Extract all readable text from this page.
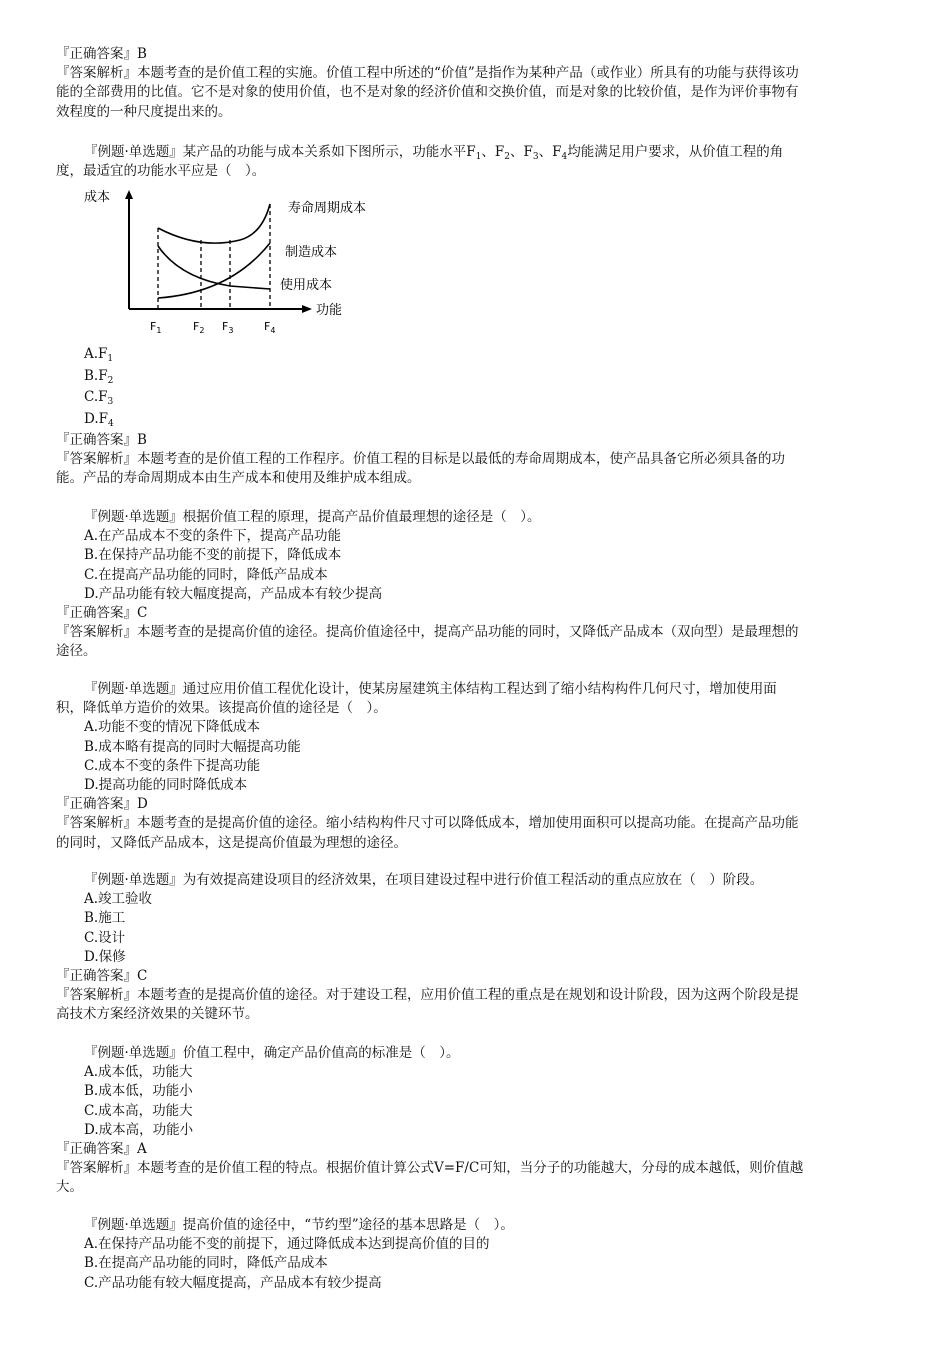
『正确答案』B
『答案解析』本题考查的是价值工程的实施。价值工程中所述的“价值”是指作为某种产品（或作业）所具有的功能与获得该功
能的全部费用的比值。它不是对象的使用价值，也不是对象的经济价值和交换价值，而是对象的比较价值，是作为评价事物有
效程度的一种尺度提出来的。
『例题·单选题』某产品的功能与成本关系如下图所示，功能水平$F_1$、$F_2$、$F_3$、$F_4$均能满足用户要求，从价值工程的角
度，最适宜的功能水平应是（　）。
成本
功能
寿命周期成本
制造成本
使用成本
$F_1$	$F_2$ $F_3$	$F_4$
$A.F_1$
$B.F_2$
$C.F_3$
$D.F_4$
『正确答案』B
『答案解析』本题考查的是价值工程的工作程序。价值工程的目标是以最低的寿命周期成本，使产品具备它所必须具备的功
能。产品的寿命周期成本由生产成本和使用及维护成本组成。
『例题·单选题』根据价值工程的原理，提高产品价值最理想的途径是（　）。
A.在产品成本不变的条件下，提高产品功能
B.在保持产品功能不变的前提下，降低成本
C.在提高产品功能的同时，降低产品成本
D.产品功能有较大幅度提高，产品成本有较少提高
『正确答案』C
『答案解析』本题考查的是提高价值的途径。提高价值途径中，提高产品功能的同时，又降低产品成本（双向型）是最理想的
途径。
『例题·单选题』通过应用价值工程优化设计，使某房屋建筑主体结构工程达到了缩小结构构件几何尺寸，增加使用面
积，降低单方造价的效果。该提高价值的途径是（　）。
A.功能不变的情况下降低成本
B.成本略有提高的同时大幅提高功能
C.成本不变的条件下提高功能
D.提高功能的同时降低成本
『正确答案』D
『答案解析』本题考查的是提高价值的途径。缩小结构构件尺寸可以降低成本，增加使用面积可以提高功能。在提高产品功能
的同时，又降低产品成本，这是提高价值最为理想的途径。
『例题·单选题』为有效提高建设项目的经济效果，在项目建设过程中进行价值工程活动的重点应放在（　）阶段。
A.竣工验收
B.施工
C.设计
D.保修
『正确答案』C
『答案解析』本题考查的是提高价值的途径。对于建设工程，应用价值工程的重点是在规划和设计阶段，因为这两个阶段是提
高技术方案经济效果的关键环节。
『例题·单选题』价值工程中，确定产品价值高的标准是（　）。
A.成本低，功能大
B.成本低，功能小
C.成本高，功能大
D.成本高，功能小
『正确答案』A
『答案解析』本题考查的是价值工程的特点。根据价值计算公式V=F/C可知，当分子的功能越大，分母的成本越低，则价值越
大。
『例题·单选题』提高价值的途径中，“节约型”途径的基本思路是（　）。
A.在保持产品功能不变的前提下，通过降低成本达到提高价值的目的
B.在提高产品功能的同时，降低产品成本
C.产品功能有较大幅度提高，产品成本有较少提高
